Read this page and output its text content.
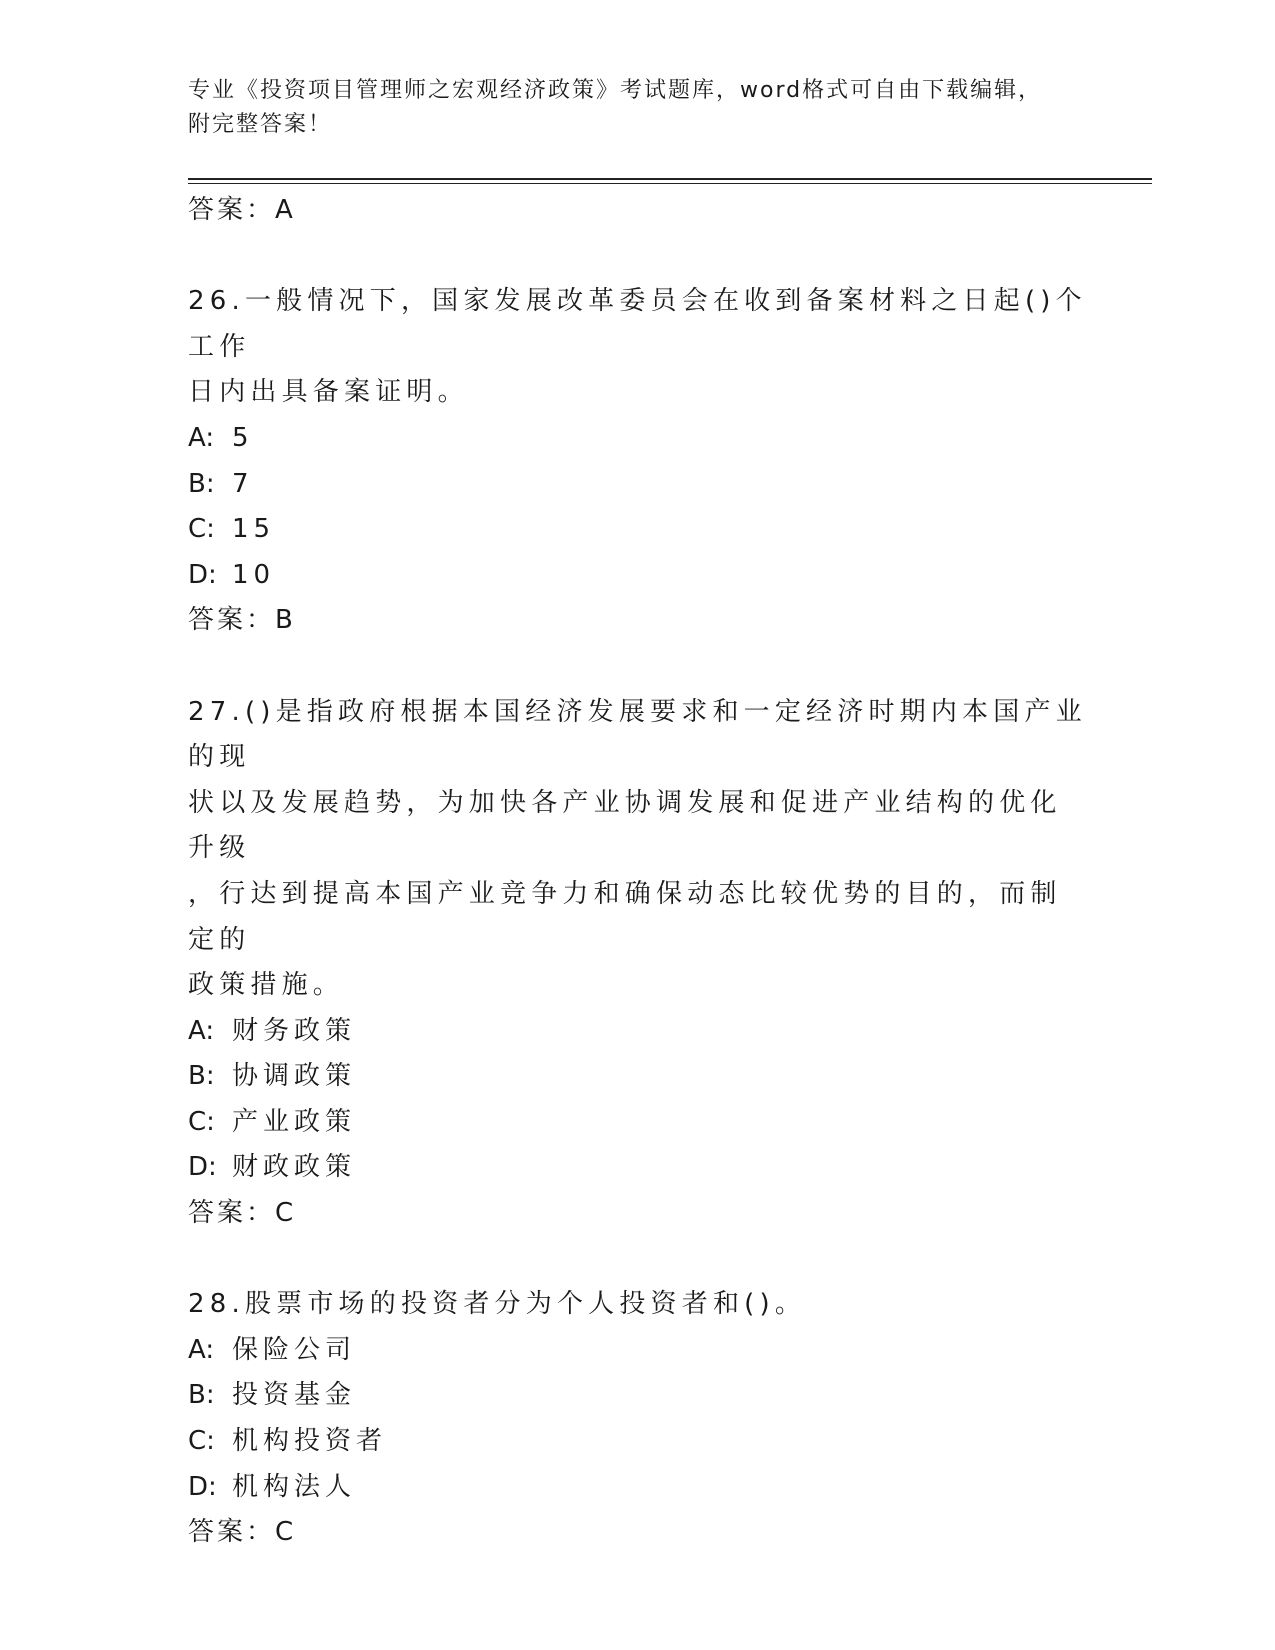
专业《投资项目管理师之宏观经济政策》考试题库，word格式可自由下载编辑，
附完整答案！
答案：A
26.一般情况下，国家发展改革委员会在收到备案材料之日起()个工作
日内出具备案证明。
A: 5
B: 7
C: 15
D: 10
答案：B
27.()是指政府根据本国经济发展要求和一定经济时期内本国产业的现
状以及发展趋势，为加快各产业协调发展和促进产业结构的优化升级
，行达到提高本国产业竞争力和确保动态比较优势的目的，而制定的
政策措施。
A: 财务政策
B: 协调政策
C: 产业政策
D: 财政政策
答案：C
28.股票市场的投资者分为个人投资者和()。
A: 保险公司
B: 投资基金
C: 机构投资者
D: 机构法人
答案：C
